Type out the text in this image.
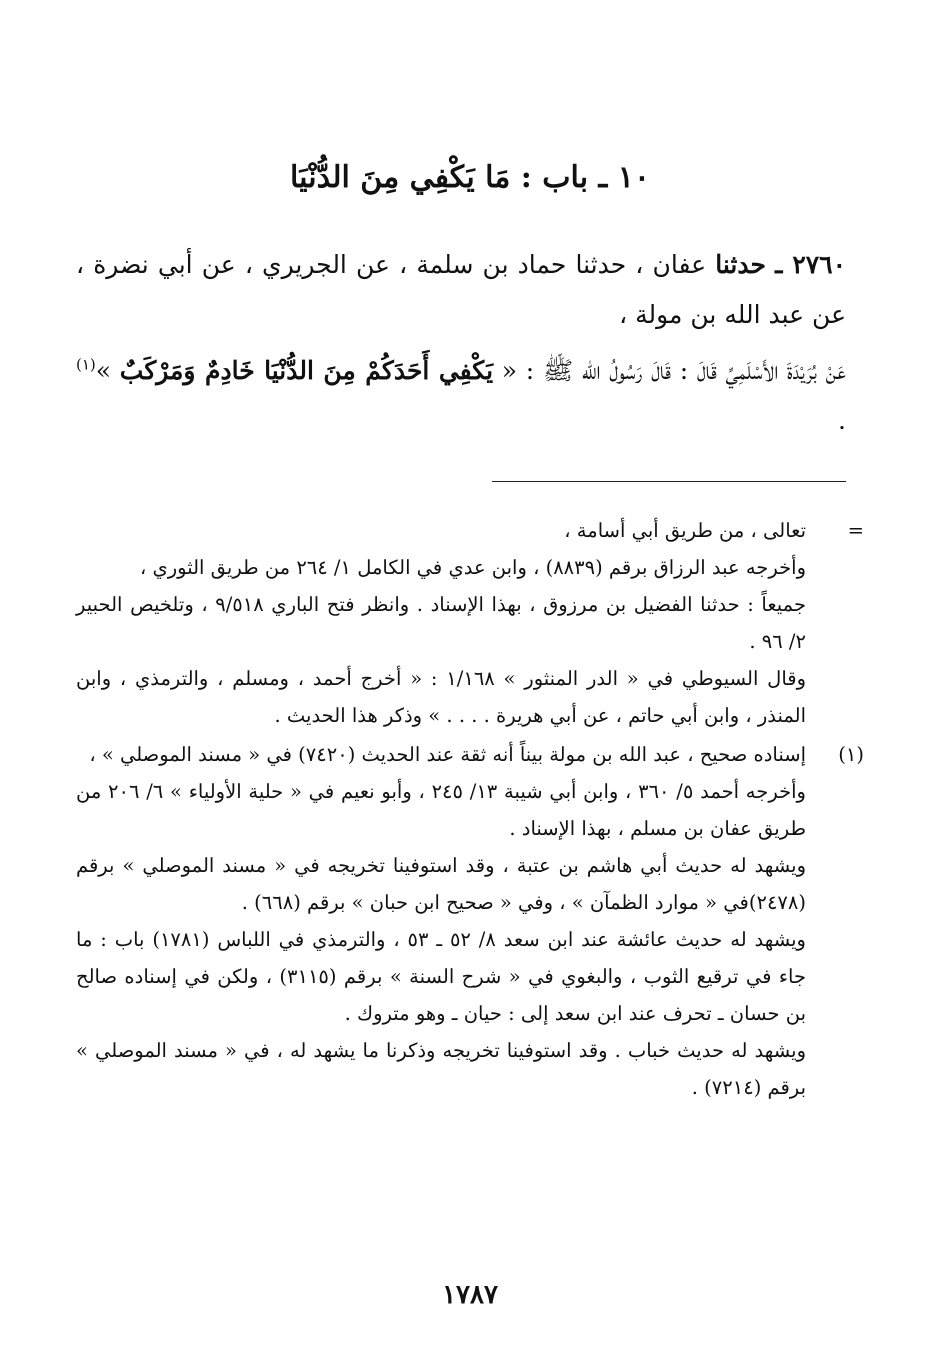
١٠ ـ باب : مَا يَكْفِي مِنَ الدُّنْيَا

٢٧٦٠ ـ حدثنا عفان ، حدثنا حماد بن سلمة ، عن الجريري ، عن أبي نضرة ، عن عبد الله بن مولة ،

عَنْ بُرَيْدَةَ الأَسْلَمِيِّ قَالَ : قَالَ رَسُولُ الله ﷺ : « يَكْفِي أَحَدَكُمْ مِنَ الدُّنْيَا خَادِمٌ وَمَرْكَبٌ »$^{(١)}$ .

=

تعالى ، من طريق أبي أسامة ،

وأخرجه عبد الرزاق برقم (٨٨٣٩) ، وابن عدي في الكامل ١/ ٢٦٤ من طريق الثوري ،

جميعاً : حدثنا الفضيل بن مرزوق ، بهذا الإسناد . وانظر فتح الباري ٩/٥١٨ ، وتلخيص الحبير ٢/ ٩٦ .

وقال السيوطي في « الدر المنثور » ١/١٦٨ : « أخرج أحمد ، ومسلم ، والترمذي ، وابن المنذر ، وابن أبي حاتم ، عن أبي هريرة . . . . » وذكر هذا الحديث .

(١)

إسناده صحيح ، عبد الله بن مولة بيناً أنه ثقة عند الحديث (٧٤٢٠) في « مسند الموصلي » ،

وأخرجه أحمد ٥/ ٣٦٠ ، وابن أبي شيبة ١٣/ ٢٤٥ ، وأبو نعيم في « حلية الأولياء » ٦/ ٢٠٦ من طريق عفان بن مسلم ، بهذا الإسناد .

ويشهد له حديث أبي هاشم بن عتبة ، وقد استوفينا تخريجه في « مسند الموصلي » برقم (٢٤٧٨)في « موارد الظمآن » ، وفي « صحيح ابن حبان » برقم (٦٦٨) .

ويشهد له حديث عائشة عند ابن سعد ٨/ ٥٢ ـ ٥٣ ، والترمذي في اللباس (١٧٨١) باب : ما جاء في ترقيع الثوب ، والبغوي في « شرح السنة » برقم (٣١١٥) ، ولكن في إسناده صالح بن حسان ـ تحرف عند ابن سعد إلى : حيان ـ وهو متروك .

ويشهد له حديث خباب . وقد استوفينا تخريجه وذكرنا ما يشهد له ، في « مسند الموصلي » برقم (٧٢١٤) .

١٧٨٧
